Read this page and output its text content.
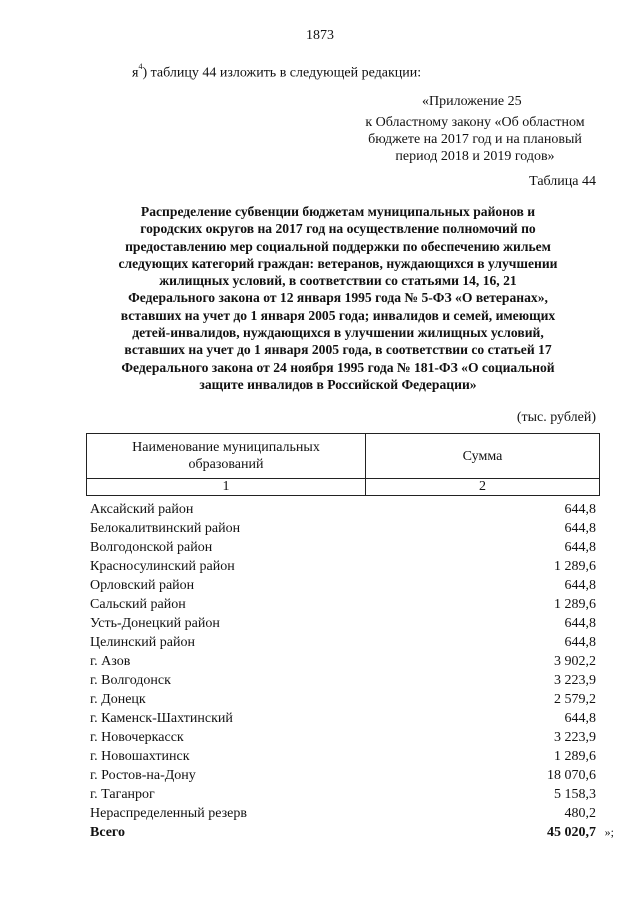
1873
$я^4$) таблицу 44 изложить в следующей редакции:
«Приложение 25
к Областному закону «Об областном
бюджете на 2017 год и на плановый
период 2018 и 2019 годов»
Таблица 44
Распределение субвенции бюджетам муниципальных районов и
городских округов на 2017 год на осуществление полномочий по
предоставлению мер социальной поддержки по обеспечению жильем
следующих категорий граждан: ветеранов, нуждающихся в улучшении
жилищных условий, в соответствии со статьями 14, 16, 21
Федерального закона от 12 января 1995 года № 5-ФЗ «О ветеранах»,
вставших на учет до 1 января 2005 года; инвалидов и семей, имеющих
детей-инвалидов, нуждающихся в улучшении жилищных условий,
вставших на учет до 1 января 2005 года, в соответствии со статьей 17
Федерального закона от 24 ноября 1995 года № 181-ФЗ «О социальной
защите инвалидов в Российской Федерации»
(тыс. рублей)
Наименование муниципальных
образований	Сумма
1	2
Аксайский район	644,8
Белокалитвинский район	644,8
Волгодонской район	644,8
Красносулинский район	1 289,6
Орловский район	644,8
Сальский район	1 289,6
Усть-Донецкий район	644,8
Целинский район	644,8
г. Азов	3 902,2
г. Волгодонск	3 223,9
г. Донецк	2 579,2
г. Каменск-Шахтинский	644,8
г. Новочеркасск	3 223,9
г. Новошахтинск	1 289,6
г. Ростов-на-Дону	18 070,6
г. Таганрог	5 158,3
Нераспределенный резерв	480,2
Всего	45 020,7 »;
